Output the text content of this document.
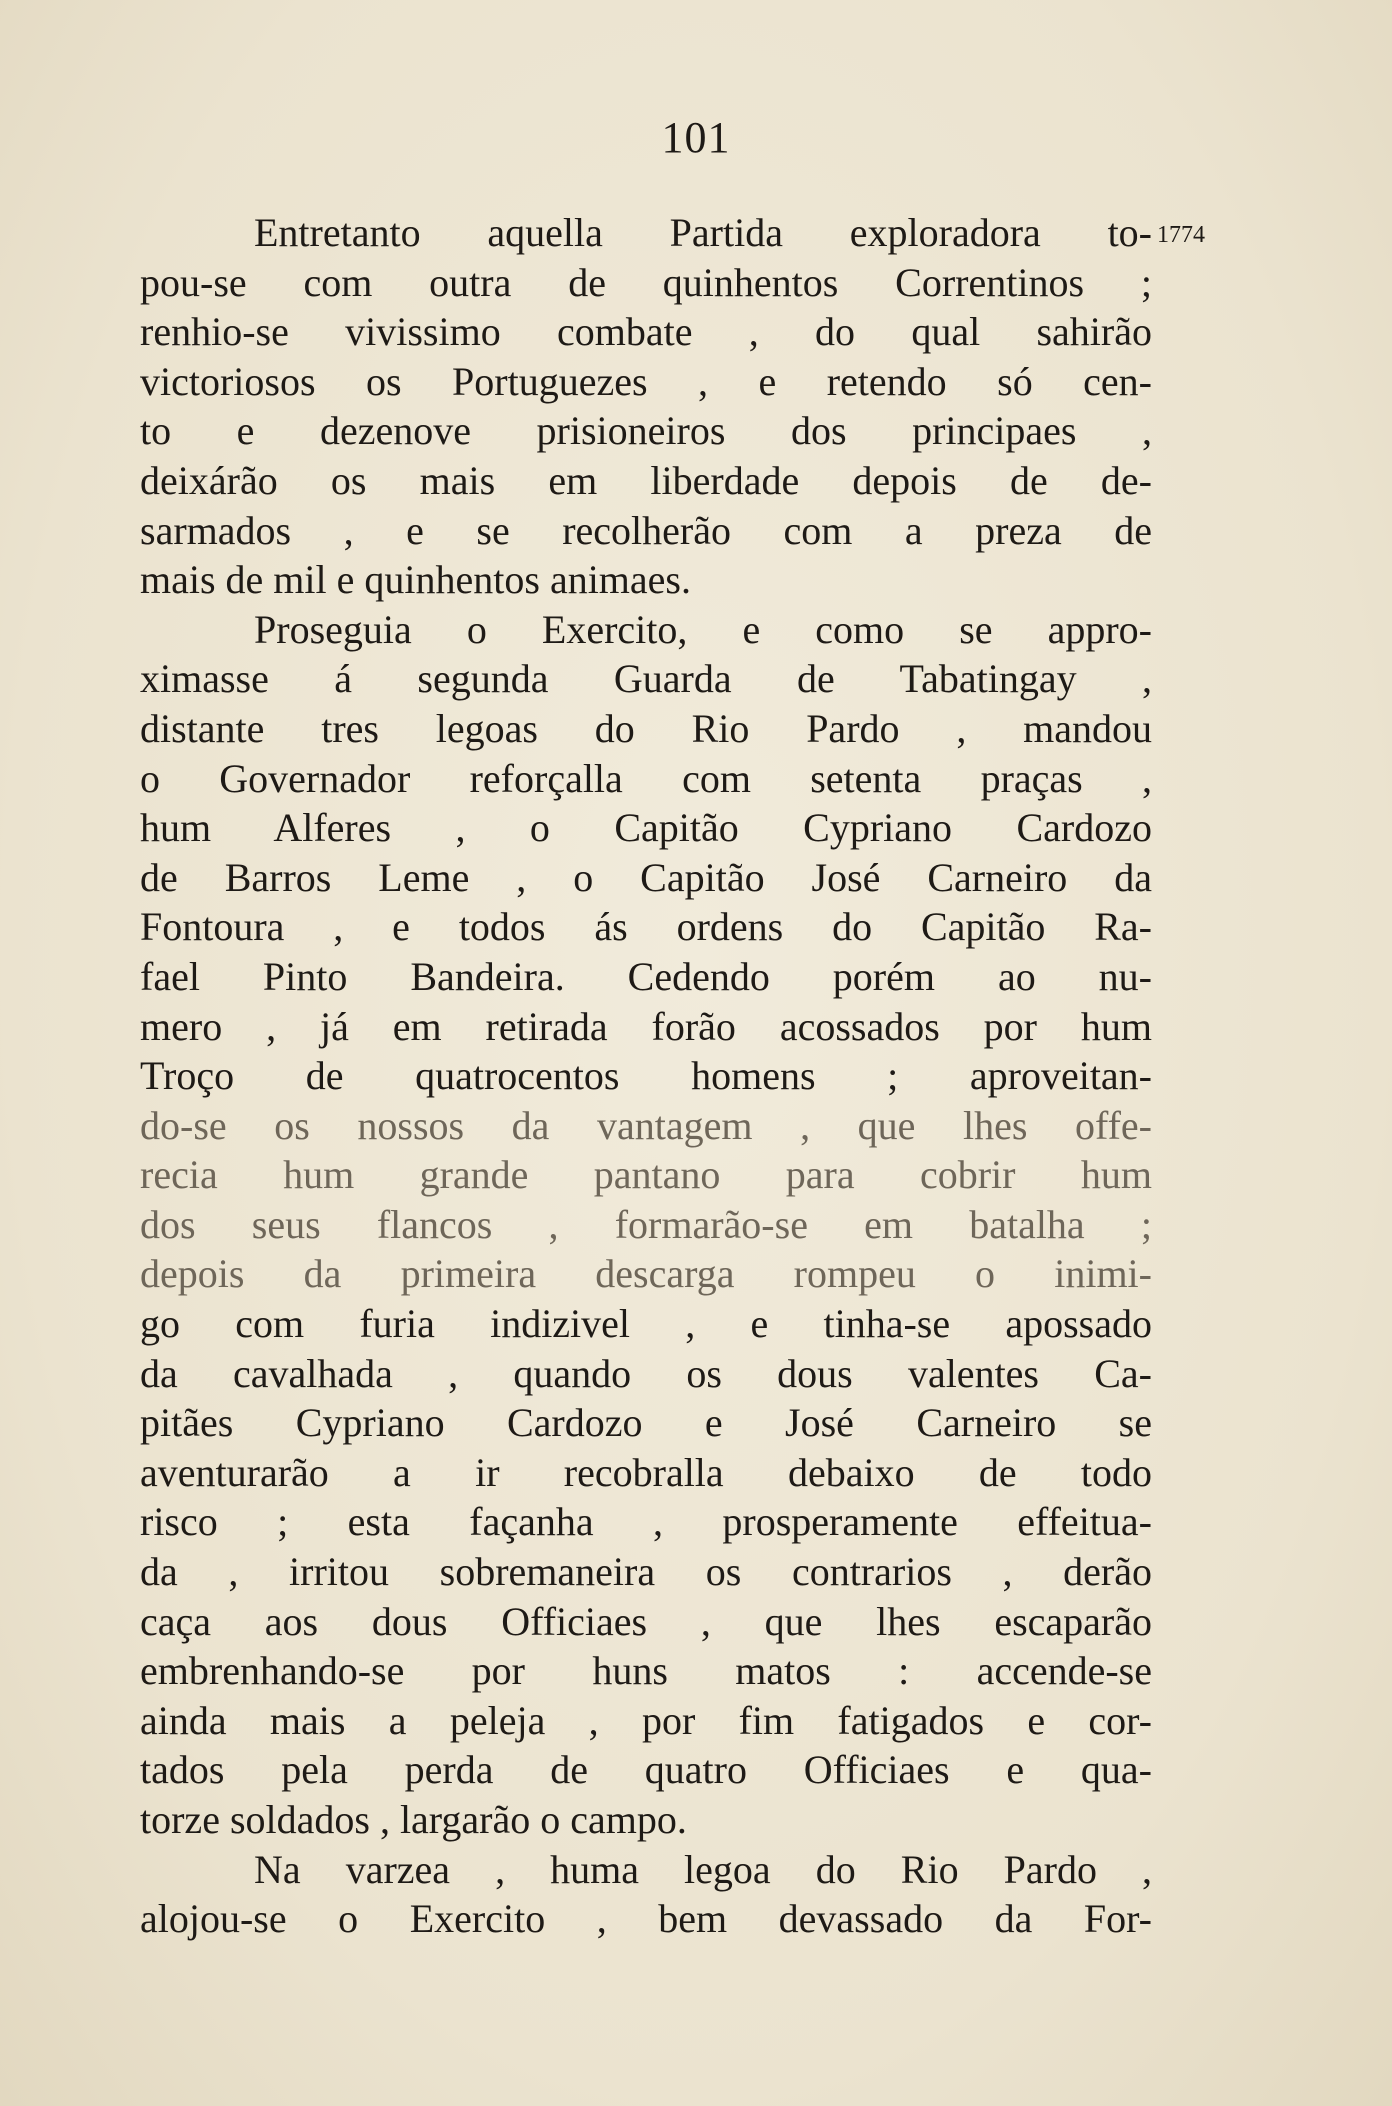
101
1774
Entretanto aquella Partida exploradora to-
pou-se com outra de quinhentos Correntinos ;
renhio-se vivissimo combate , do qual sahirão
victoriosos os Portuguezes , e retendo só cen-
to e dezenove prisioneiros dos principaes ,
deixárão os mais em liberdade depois de de-
sarmados , e se recolherão com a preza de
mais de mil e quinhentos animaes.
Proseguia o Exercito, e como se appro-
ximasse á segunda Guarda de Tabatingay ,
distante tres legoas do Rio Pardo , mandou
o Governador reforçalla com setenta praças ,
hum Alferes , o Capitão Cypriano Cardozo
de Barros Leme , o Capitão José Carneiro da
Fontoura , e todos ás ordens do Capitão Ra-
fael Pinto Bandeira. Cedendo porém ao nu-
mero , já em retirada forão acossados por hum
Troço de quatrocentos homens ; aproveitan-
do-se os nossos da vantagem , que lhes offe-
recia hum grande pantano para cobrir hum
dos seus flancos , formarão-se em batalha ;
depois da primeira descarga rompeu o inimi-
go com furia indizivel , e tinha-se apossado
da cavalhada , quando os dous valentes Ca-
pitães Cypriano Cardozo e José Carneiro se
aventurarão a ir recobralla debaixo de todo
risco ; esta façanha , prosperamente effeitua-
da , irritou sobremaneira os contrarios , derão
caça aos dous Officiaes , que lhes escaparão
embrenhando-se por huns matos : accende-se
ainda mais a peleja , por fim fatigados e cor-
tados pela perda de quatro Officiaes e qua-
torze soldados , largarão o campo.
Na varzea , huma legoa do Rio Pardo ,
alojou-se o Exercito , bem devassado da For-
